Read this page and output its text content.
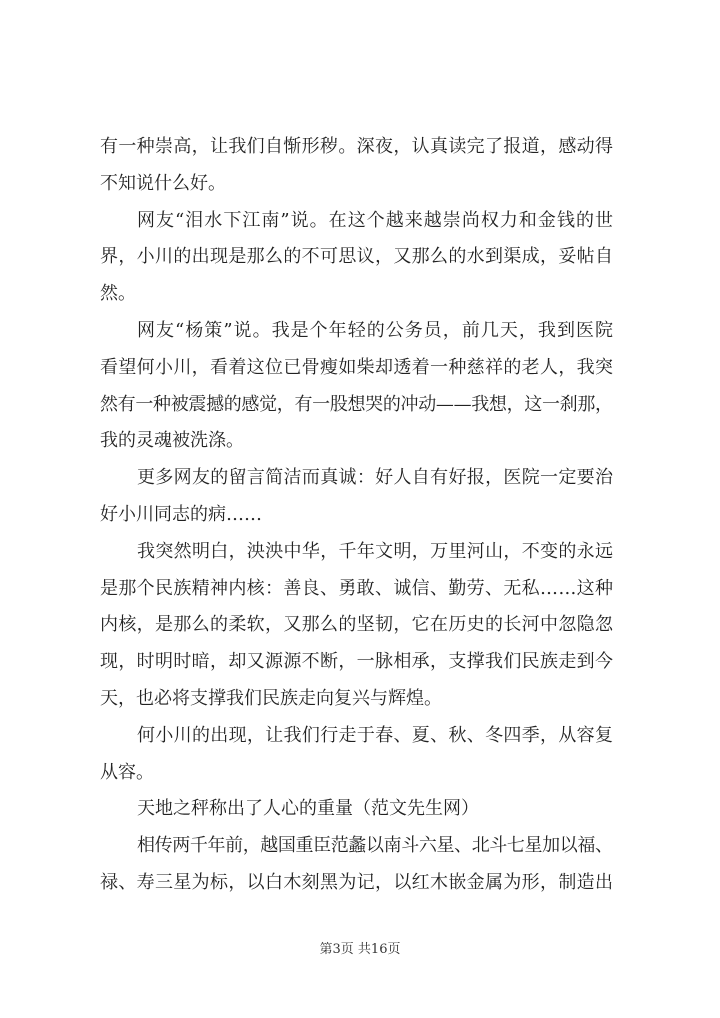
有一种崇高，让我们自惭形秽。深夜，认真读完了报道，感动得
不知说什么好。
网友“泪水下江南”说。在这个越来越崇尚权力和金钱的世
界，小川的出现是那么的不可思议，又那么的水到渠成，妥帖自
然。
网友“杨策”说。我是个年轻的公务员，前几天，我到医院
看望何小川，看着这位已骨瘦如柴却透着一种慈祥的老人，我突
然有一种被震撼的感觉，有一股想哭的冲动——我想，这一刹那，
我的灵魂被洗涤。
更多网友的留言简洁而真诚：好人自有好报，医院一定要治
好小川同志的病……
我突然明白，泱泱中华，千年文明，万里河山，不变的永远
是那个民族精神内核：善良、勇敢、诚信、勤劳、无私……这种
内核，是那么的柔软，又那么的坚韧，它在历史的长河中忽隐忽
现，时明时暗，却又源源不断，一脉相承，支撑我们民族走到今
天，也必将支撑我们民族走向复兴与辉煌。
何小川的出现，让我们行走于春、夏、秋、冬四季，从容复
从容。
天地之秤称出了人心的重量（范文先生网）
相传两千年前，越国重臣范蠡以南斗六星、北斗七星加以福、
禄、寿三星为标，以白木刻黑为记，以红木嵌金属为形，制造出
第3页 共16页
